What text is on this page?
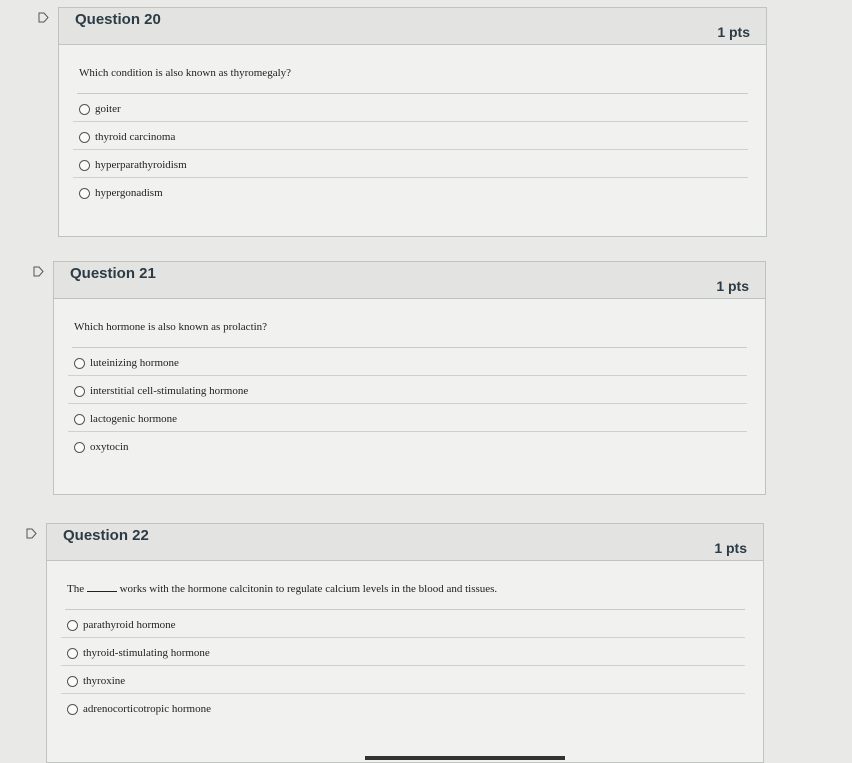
Question 20
1 pts
Which condition is also known as thyromegaly?
goiter
thyroid carcinoma
hyperparathyroidism
hypergonadism
Question 21
1 pts
Which hormone is also known as prolactin?
luteinizing hormone
interstitial cell-stimulating hormone
lactogenic hormone
oxytocin
Question 22
1 pts
The	works with the hormone calcitonin to regulate calcium levels in the blood and tissues.
parathyroid hormone
thyroid-stimulating hormone
thyroxine
adrenocorticotropic hormone
